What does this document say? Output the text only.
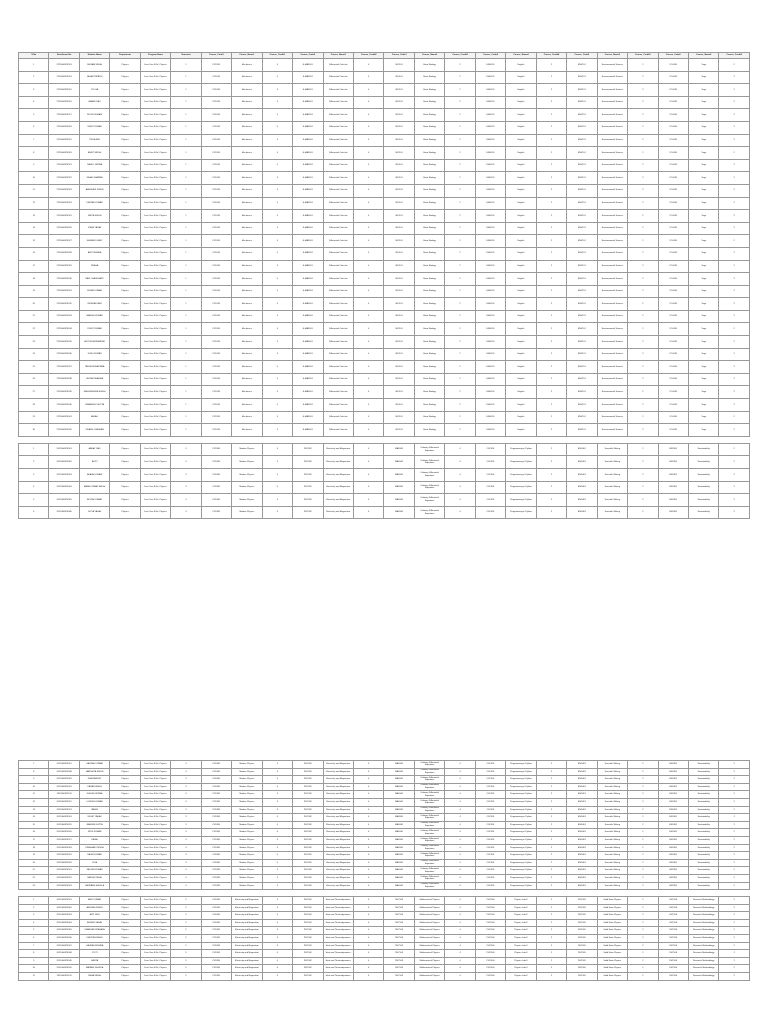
S.No	Enrollment No	Student Name	Department	Program Name	Semester	Course_Code1	Course_Name1	Course_Credit1	Course_Code2	Course_Name2	Course_Credit2	Course_Code3	Course_Name3	Course_Credit3	Course_Code4	Course_Name4	Course_Credit4	Course_Code5	Course_Name5	Course_Credit5	Course_Code6	Course_Name6	Course_Credit6
1	2223000876913	SHIVAM SINGH	Physics	Four Year B.Sc. Physics	1	PHY101	Mechanics	4	E-MAS101	Differential Calculus	4	BIO101	Basic Biology	2	ENG101	English	2	ENV101	Environmental Science	2	YOG101	Yoga	2
2	2223000876914	NEHA TRIPATHI	Physics	Four Year B.Sc. Physics	1	PHY101	Mechanics	4	E-MAS101	Differential Calculus	4	BIO101	Basic Biology	2	ENG101	English	2	ENV101	Environmental Science	2	YOG101	Yoga	2
3	2223000876915	POOJA	Physics	Four Year B.Sc. Physics	1	PHY101	Mechanics	4	E-MAS101	Differential Calculus	4	BIO101	Basic Biology	2	ENG101	English	2	ENV101	Environmental Science	2	YOG101	Yoga	2
4	2223000876916	ANAND RAO	Physics	Four Year B.Sc. Physics	1	PHY101	Mechanics	4	E-MAS101	Differential Calculus	4	BIO101	Basic Biology	2	ENG101	English	2	ENV101	Environmental Science	2	YOG101	Yoga	2
5	2223000876917	RUCHI KUMARI	Physics	Four Year B.Sc. Physics	1	PHY101	Mechanics	4	E-MAS101	Differential Calculus	4	BIO101	Basic Biology	2	ENG101	English	2	ENV101	Environmental Science	2	YOG101	Yoga	2
6	2223000876918	SUMIT KUMAR	Physics	Four Year B.Sc. Physics	1	PHY101	Mechanics	4	E-MAS101	Differential Calculus	4	BIO101	Basic Biology	2	ENG101	English	2	ENV101	Environmental Science	2	YOG101	Yoga	2
7	2223000876919	PRIYA RAJ	Physics	Four Year B.Sc. Physics	1	PHY101	Mechanics	4	E-MAS101	Differential Calculus	4	BIO101	Basic Biology	2	ENG101	English	2	ENV101	Environmental Science	2	YOG101	Yoga	2
8	2223000876920	ANKIT SINGH	Physics	Four Year B.Sc. Physics	1	PHY101	Mechanics	4	E-MAS101	Differential Calculus	4	BIO101	Basic Biology	2	ENG101	English	2	ENV101	Environmental Science	2	YOG101	Yoga	2
9	2223000876921	RAHUL VERMA	Physics	Four Year B.Sc. Physics	1	PHY101	Mechanics	4	E-MAS101	Differential Calculus	4	BIO101	Basic Biology	2	ENG101	English	2	ENV101	Environmental Science	2	YOG101	Yoga	2
10	2223000876922	KAJAL SHARMA	Physics	Four Year B.Sc. Physics	1	PHY101	Mechanics	4	E-MAS101	Differential Calculus	4	BIO101	Basic Biology	2	ENG101	English	2	ENV101	Environmental Science	2	YOG101	Yoga	2
11	2223000876923	ABHISHEK SINGH	Physics	Four Year B.Sc. Physics	1	PHY101	Mechanics	4	E-MAS101	Differential Calculus	4	BIO101	Basic Biology	2	ENG101	English	2	ENV101	Environmental Science	2	YOG101	Yoga	2
12	2223000876924	DEEPAK KUMAR	Physics	Four Year B.Sc. Physics	1	PHY101	Mechanics	4	E-MAS101	Differential Calculus	4	BIO101	Basic Biology	2	ENG101	English	2	ENV101	Environmental Science	2	YOG101	Yoga	2
13	2223000876925	NIKITA SINGH	Physics	Four Year B.Sc. Physics	1	PHY101	Mechanics	4	E-MAS101	Differential Calculus	4	BIO101	Basic Biology	2	ENG101	English	2	ENV101	Environmental Science	2	YOG101	Yoga	2
14	2223000876926	VIKAS YADAV	Physics	Four Year B.Sc. Physics	1	PHY101	Mechanics	4	E-MAS101	Differential Calculus	4	BIO101	Basic Biology	2	ENG101	English	2	ENV101	Environmental Science	2	YOG101	Yoga	2
15	2223000876927	SHIVANI DUBEY	Physics	Four Year B.Sc. Physics	1	PHY101	Mechanics	4	E-MAS101	Differential Calculus	4	BIO101	Basic Biology	2	ENG101	English	2	ENV101	Environmental Science	2	YOG101	Yoga	2
16	2223000876928	AMIT MISHRA	Physics	Four Year B.Sc. Physics	1	PHY101	Mechanics	4	E-MAS101	Differential Calculus	4	BIO101	Basic Biology	2	ENG101	English	2	ENV101	Environmental Science	2	YOG101	Yoga	2
17	2223000876929	SNEHA	Physics	Four Year B.Sc. Physics	1	PHY101	Mechanics	4	E-MAS101	Differential Calculus	4	BIO101	Basic Biology	2	ENG101	English	2	ENV101	Environmental Science	2	YOG101	Yoga	2
18	2223000876930	RAVI CHAUDHARY	Physics	Four Year B.Sc. Physics	1	PHY101	Mechanics	4	E-MAS101	Differential Calculus	4	BIO101	Basic Biology	2	ENG101	English	2	ENV101	Environmental Science	2	YOG101	Yoga	2
19	2223000876931	SURAJ KUMAR	Physics	Four Year B.Sc. Physics	1	PHY101	Mechanics	4	E-MAS101	Differential Calculus	4	BIO101	Basic Biology	2	ENG101	English	2	ENV101	Environmental Science	2	YOG101	Yoga	2
20	2223000876932	MUSKAN JAIN	Physics	Four Year B.Sc. Physics	1	PHY101	Mechanics	4	E-MAS101	Differential Calculus	4	BIO101	Basic Biology	2	ENG101	English	2	ENV101	Environmental Science	2	YOG101	Yoga	2
21	2223000876933	MANISH KUMAR	Physics	Four Year B.Sc. Physics	1	PHY101	Mechanics	4	E-MAS101	Differential Calculus	4	BIO101	Basic Biology	2	ENG101	English	2	ENV101	Environmental Science	2	YOG101	Yoga	2
22	2223000876934	ROHIT KUMAR	Physics	Four Year B.Sc. Physics	1	PHY101	Mechanics	4	E-MAS101	Differential Calculus	4	BIO101	Basic Biology	2	ENG101	English	2	ENV101	Environmental Science	2	YOG101	Yoga	2
23	2223000876935	ADITYA SHRIVASTAV	Physics	Four Year B.Sc. Physics	1	PHY101	Mechanics	4	E-MAS101	Differential Calculus	4	BIO101	Basic Biology	2	ENG101	English	2	ENV101	Environmental Science	2	YOG101	Yoga	2
24	2223000876936	SONU KUMAR	Physics	Four Year B.Sc. Physics	1	PHY101	Mechanics	4	E-MAS101	Differential Calculus	4	BIO101	Basic Biology	2	ENG101	English	2	ENV101	Environmental Science	2	YOG101	Yoga	2
25	2223000876937	TANYA SRIVASTAVA	Physics	Four Year B.Sc. Physics	1	PHY101	Mechanics	4	E-MAS101	Differential Calculus	4	BIO101	Basic Biology	2	ENG101	English	2	ENV101	Environmental Science	2	YOG101	Yoga	2
26	2223000876938	SHYAM SHARMA	Physics	Four Year B.Sc. Physics	1	PHY101	Mechanics	4	E-MAS101	Differential Calculus	4	BIO101	Basic Biology	2	ENG101	English	2	ENV101	Environmental Science	2	YOG101	Yoga	2
27	2223000876939	RAGHVENDRA SINGH	Physics	Four Year B.Sc. Physics	1	PHY101	Mechanics	4	E-MAS101	Differential Calculus	4	BIO101	Basic Biology	2	ENG101	English	2	ENV101	Environmental Science	2	YOG101	Yoga	2
28	2223000876940	HIMANSHU GUPTA	Physics	Four Year B.Sc. Physics	1	PHY101	Mechanics	4	E-MAS101	Differential Calculus	4	BIO101	Basic Biology	2	ENG101	English	2	ENV101	Environmental Science	2	YOG101	Yoga	2
29	2223000876941	ANJALI	Physics	Four Year B.Sc. Physics	1	PHY101	Mechanics	4	E-MAS101	Differential Calculus	4	BIO101	Basic Biology	2	ENG101	English	2	ENV101	Environmental Science	2	YOG101	Yoga	2
30	2223000876942	VIKASH CHAUHAN	Physics	Four Year B.Sc. Physics	1	PHY101	Mechanics	4	E-MAS101	Differential Calculus	4	BIO101	Basic Biology	2	ENG101	English	2	ENV101	Environmental Science	2	YOG101	Yoga	2

1	2022000876901	ABHAY RAO	Physics	Four Year B.Sc. Physics	3	PHY301	Modern Physics	4	PHY302	Electricity and Magnetism	4	MAS301	Ordinary Differential Equations	4	CSC301	Programming in Python	2	ENG301	Scientific Writing	2	ENV301	Sustainability	2
2	2022000876902	ADITI	Physics	Four Year B.Sc. Physics	3	PHY301	Modern Physics	4	PHY302	Electricity and Magnetism	4	MAS301	Ordinary Differential Equations	4	CSC301	Programming in Python	2	ENG301	Scientific Writing	2	ENV301	Sustainability	2
3	2022000876903	AKASH KUMAR	Physics	Four Year B.Sc. Physics	3	PHY301	Modern Physics	4	PHY302	Electricity and Magnetism	4	MAS301	Ordinary Differential Equations	4	CSC301	Programming in Python	2	ENG301	Scientific Writing	2	ENV301	Sustainability	2
4	2022000876904	AMAN KUMAR SINGH	Physics	Four Year B.Sc. Physics	3	PHY301	Modern Physics	4	PHY302	Electricity and Magnetism	4	MAS301	Ordinary Differential Equations	4	CSC301	Programming in Python	2	ENG301	Scientific Writing	2	ENV301	Sustainability	2
5	2022000876905	AYUSH KUMAR	Physics	Four Year B.Sc. Physics	3	PHY301	Modern Physics	4	PHY302	Electricity and Magnetism	4	MAS301	Ordinary Differential Equations	4	CSC301	Programming in Python	2	ENG301	Scientific Writing	2	ENV301	Sustainability	2
6	2022000876906	DIVYA YADAV	Physics	Four Year B.Sc. Physics	3	PHY301	Modern Physics	4	PHY302	Electricity and Magnetism	4	MAS301	Ordinary Differential Equations	4	CSC301	Programming in Python	2	ENG301	Scientific Writing	2	ENV301	Sustainability	2
7	2022000876907	GAURAV KUMAR	Physics	Four Year B.Sc. Physics	3	PHY301	Modern Physics	4	PHY302	Electricity and Magnetism	4	MAS301	Ordinary Differential Equations	4	CSC301	Programming in Python	2	ENG301	Scientific Writing	2	ENV301	Sustainability	2
8	2022000876908	HARSHITA SINGH	Physics	Four Year B.Sc. Physics	3	PHY301	Modern Physics	4	PHY302	Electricity and Magnetism	4	MAS301	Ordinary Differential Equations	4	CSC301	Programming in Python	2	ENG301	Scientific Writing	2	ENV301	Sustainability	2
9	2022000876909	ISHA PANDEY	Physics	Four Year B.Sc. Physics	3	PHY301	Modern Physics	4	PHY302	Electricity and Magnetism	4	MAS301	Ordinary Differential Equations	4	CSC301	Programming in Python	2	ENG301	Scientific Writing	2	ENV301	Sustainability	2
10	2022000876910	KARAN SINGH	Physics	Four Year B.Sc. Physics	3	PHY301	Modern Physics	4	PHY302	Electricity and Magnetism	4	MAS301	Ordinary Differential Equations	4	CSC301	Programming in Python	2	ENG301	Scientific Writing	2	ENV301	Sustainability	2
11	2022000876911	KHUSHI VERMA	Physics	Four Year B.Sc. Physics	3	PHY301	Modern Physics	4	PHY302	Electricity and Magnetism	4	MAS301	Ordinary Differential Equations	4	CSC301	Programming in Python	2	ENG301	Scientific Writing	2	ENV301	Sustainability	2
12	2022000876912	LOKESH KUMAR	Physics	Four Year B.Sc. Physics	3	PHY301	Modern Physics	4	PHY302	Electricity and Magnetism	4	MAS301	Ordinary Differential Equations	4	CSC301	Programming in Python	2	ENG301	Scientific Writing	2	ENV301	Sustainability	2
13	2022000876913	MANSI	Physics	Four Year B.Sc. Physics	3	PHY301	Modern Physics	4	PHY302	Electricity and Magnetism	4	MAS301	Ordinary Differential Equations	4	CSC301	Programming in Python	2	ENG301	Scientific Writing	2	ENV301	Sustainability	2
14	2022000876914	MOHIT YADAV	Physics	Four Year B.Sc. Physics	3	PHY301	Modern Physics	4	PHY302	Electricity and Magnetism	4	MAS301	Ordinary Differential Equations	4	CSC301	Programming in Python	2	ENG301	Scientific Writing	2	ENV301	Sustainability	2
15	2022000876915	NANDINI GUPTA	Physics	Four Year B.Sc. Physics	3	PHY301	Modern Physics	4	PHY302	Electricity and Magnetism	4	MAS301	Ordinary Differential Equations	4	CSC301	Programming in Python	2	ENG301	Scientific Writing	2	ENV301	Sustainability	2
16	2022000876916	NITIN KUMAR	Physics	Four Year B.Sc. Physics	3	PHY301	Modern Physics	4	PHY302	Electricity and Magnetism	4	MAS301	Ordinary Differential Equations	4	CSC301	Programming in Python	2	ENG301	Scientific Writing	2	ENV301	Sustainability	2
17	2022000876917	PALAK	Physics	Four Year B.Sc. Physics	3	PHY301	Modern Physics	4	PHY302	Electricity and Magnetism	4	MAS301	Ordinary Differential Equations	4	CSC301	Programming in Python	2	ENG301	Scientific Writing	2	ENV301	Sustainability	2
18	2022000876918	PRASHANT SINGH	Physics	Four Year B.Sc. Physics	3	PHY301	Modern Physics	4	PHY302	Electricity and Magnetism	4	MAS301	Ordinary Differential Equations	4	CSC301	Programming in Python	2	ENG301	Scientific Writing	2	ENV301	Sustainability	2
19	2022000876919	RAJAT KUMAR	Physics	Four Year B.Sc. Physics	3	PHY301	Modern Physics	4	PHY302	Electricity and Magnetism	4	MAS301	Ordinary Differential Equations	4	CSC301	Programming in Python	2	ENG301	Scientific Writing	2	ENV301	Sustainability	2
20	2022000876920	RIYA	Physics	Four Year B.Sc. Physics	3	PHY301	Modern Physics	4	PHY302	Electricity and Magnetism	4	MAS301	Ordinary Differential Equations	4	CSC301	Programming in Python	2	ENG301	Scientific Writing	2	ENV301	Sustainability	2
21	2022000876921	SACHIN KUMAR	Physics	Four Year B.Sc. Physics	3	PHY301	Modern Physics	4	PHY302	Electricity and Magnetism	4	MAS301	Ordinary Differential Equations	4	CSC301	Programming in Python	2	ENG301	Scientific Writing	2	ENV301	Sustainability	2
22	2022000876922	SAKSHI SINGH	Physics	Four Year B.Sc. Physics	3	PHY301	Modern Physics	4	PHY302	Electricity and Magnetism	4	MAS301	Ordinary Differential Equations	4	CSC301	Programming in Python	2	ENG301	Scientific Writing	2	ENV301	Sustainability	2
23	2022000876923	SAURABH SHUKLA	Physics	Four Year B.Sc. Physics	3	PHY301	Modern Physics	4	PHY302	Electricity and Magnetism	4	MAS301	Ordinary Differential Equations	4	CSC301	Programming in Python	2	ENG301	Scientific Writing	2	ENV301	Sustainability	2

1	2021000876901	AMIT KUMAR	Physics	Four Year B.Sc. Physics	5	PHY501	Electricity and Magnetism	4	PHY502	Heat and Thermodynamics	4	PHY503	Mathematical Physics	4	PHY504	Physics Lab-V	2	PHY505	Solid State Physics	2	PHY506	Research Methodology	2
2	2021000876902	ANURAG SINGH	Physics	Four Year B.Sc. Physics	5	PHY501	Electricity and Magnetism	4	PHY502	Heat and Thermodynamics	4	PHY503	Mathematical Physics	4	PHY504	Physics Lab-V	2	PHY505	Solid State Physics	2	PHY506	Research Methodology	2
3	2021000876903	ARTI DEVI	Physics	Four Year B.Sc. Physics	5	PHY501	Electricity and Magnetism	4	PHY502	Heat and Thermodynamics	4	PHY503	Mathematical Physics	4	PHY504	Physics Lab-V	2	PHY505	Solid State Physics	2	PHY506	Research Methodology	2
4	2021000876904	ASHISH YADAV	Physics	Four Year B.Sc. Physics	5	PHY501	Electricity and Magnetism	4	PHY502	Heat and Thermodynamics	4	PHY503	Mathematical Physics	4	PHY504	Physics Lab-V	2	PHY505	Solid State Physics	2	PHY506	Research Methodology	2
5	2021000876905	CHANDAN PRAKASH	Physics	Four Year B.Sc. Physics	5	PHY501	Electricity and Magnetism	4	PHY502	Heat and Thermodynamics	4	PHY503	Mathematical Physics	4	PHY504	Physics Lab-V	2	PHY505	Solid State Physics	2	PHY506	Research Methodology	2
6	2021000876906	DEEPIKA SINGH	Physics	Four Year B.Sc. Physics	5	PHY501	Electricity and Magnetism	4	PHY502	Heat and Thermodynamics	4	PHY503	Mathematical Physics	4	PHY504	Physics Lab-V	2	PHY505	Solid State Physics	2	PHY506	Research Methodology	2
7	2021000876907	GAURAV MISHRA	Physics	Four Year B.Sc. Physics	5	PHY501	Electricity and Magnetism	4	PHY502	Heat and Thermodynamics	4	PHY503	Mathematical Physics	4	PHY504	Physics Lab-V	2	PHY505	Solid State Physics	2	PHY506	Research Methodology	2
8	2021000876908	JYOTI	Physics	Four Year B.Sc. Physics	5	PHY501	Electricity and Magnetism	4	PHY502	Heat and Thermodynamics	4	PHY503	Mathematical Physics	4	PHY504	Physics Lab-V	2	PHY505	Solid State Physics	2	PHY506	Research Methodology	2
9	2021000876909	KAVITA	Physics	Four Year B.Sc. Physics	5	PHY501	Electricity and Magnetism	4	PHY502	Heat and Thermodynamics	4	PHY503	Mathematical Physics	4	PHY504	Physics Lab-V	2	PHY505	Solid State Physics	2	PHY506	Research Methodology	2
10	2021000876910	MAYANK SHUKLA	Physics	Four Year B.Sc. Physics	5	PHY501	Electricity and Magnetism	4	PHY502	Heat and Thermodynamics	4	PHY503	Mathematical Physics	4	PHY504	Physics Lab-V	2	PHY505	Solid State Physics	2	PHY506	Research Methodology	2
11	2021000876911	NEHA SINGH	Physics	Four Year B.Sc. Physics	5	PHY501	Electricity and Magnetism	4	PHY502	Heat and Thermodynamics	4	PHY503	Mathematical Physics	4	PHY504	Physics Lab-V	2	PHY505	Solid State Physics	2	PHY506	Research Methodology	2
